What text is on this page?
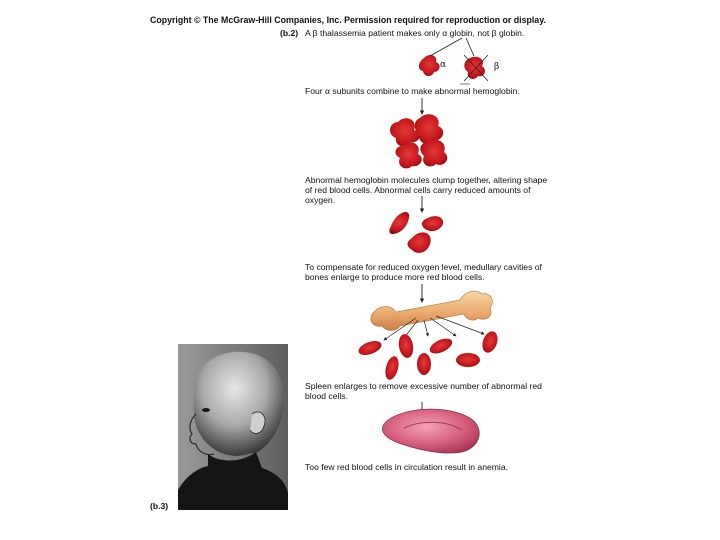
Copyright © The McGraw-Hill Companies, Inc. Permission required for reproduction or display.
(b.2) A β thalassemia patient makes only α globin, not β globin.
Four α subunits combine to make abnormal hemoglobin.
Abnormal hemoglobin molecules clump together, altering shape of red blood cells. Abnormal cells carry reduced amounts of oxygen.
To compensate for reduced oxygen level, medullary cavities of bones enlarge to produce more red blood cells.
Spleen enlarges to remove excessive number of abnormal red blood cells.
Too few red blood cells in circulation result in anemia.
α	β
(b.3)
